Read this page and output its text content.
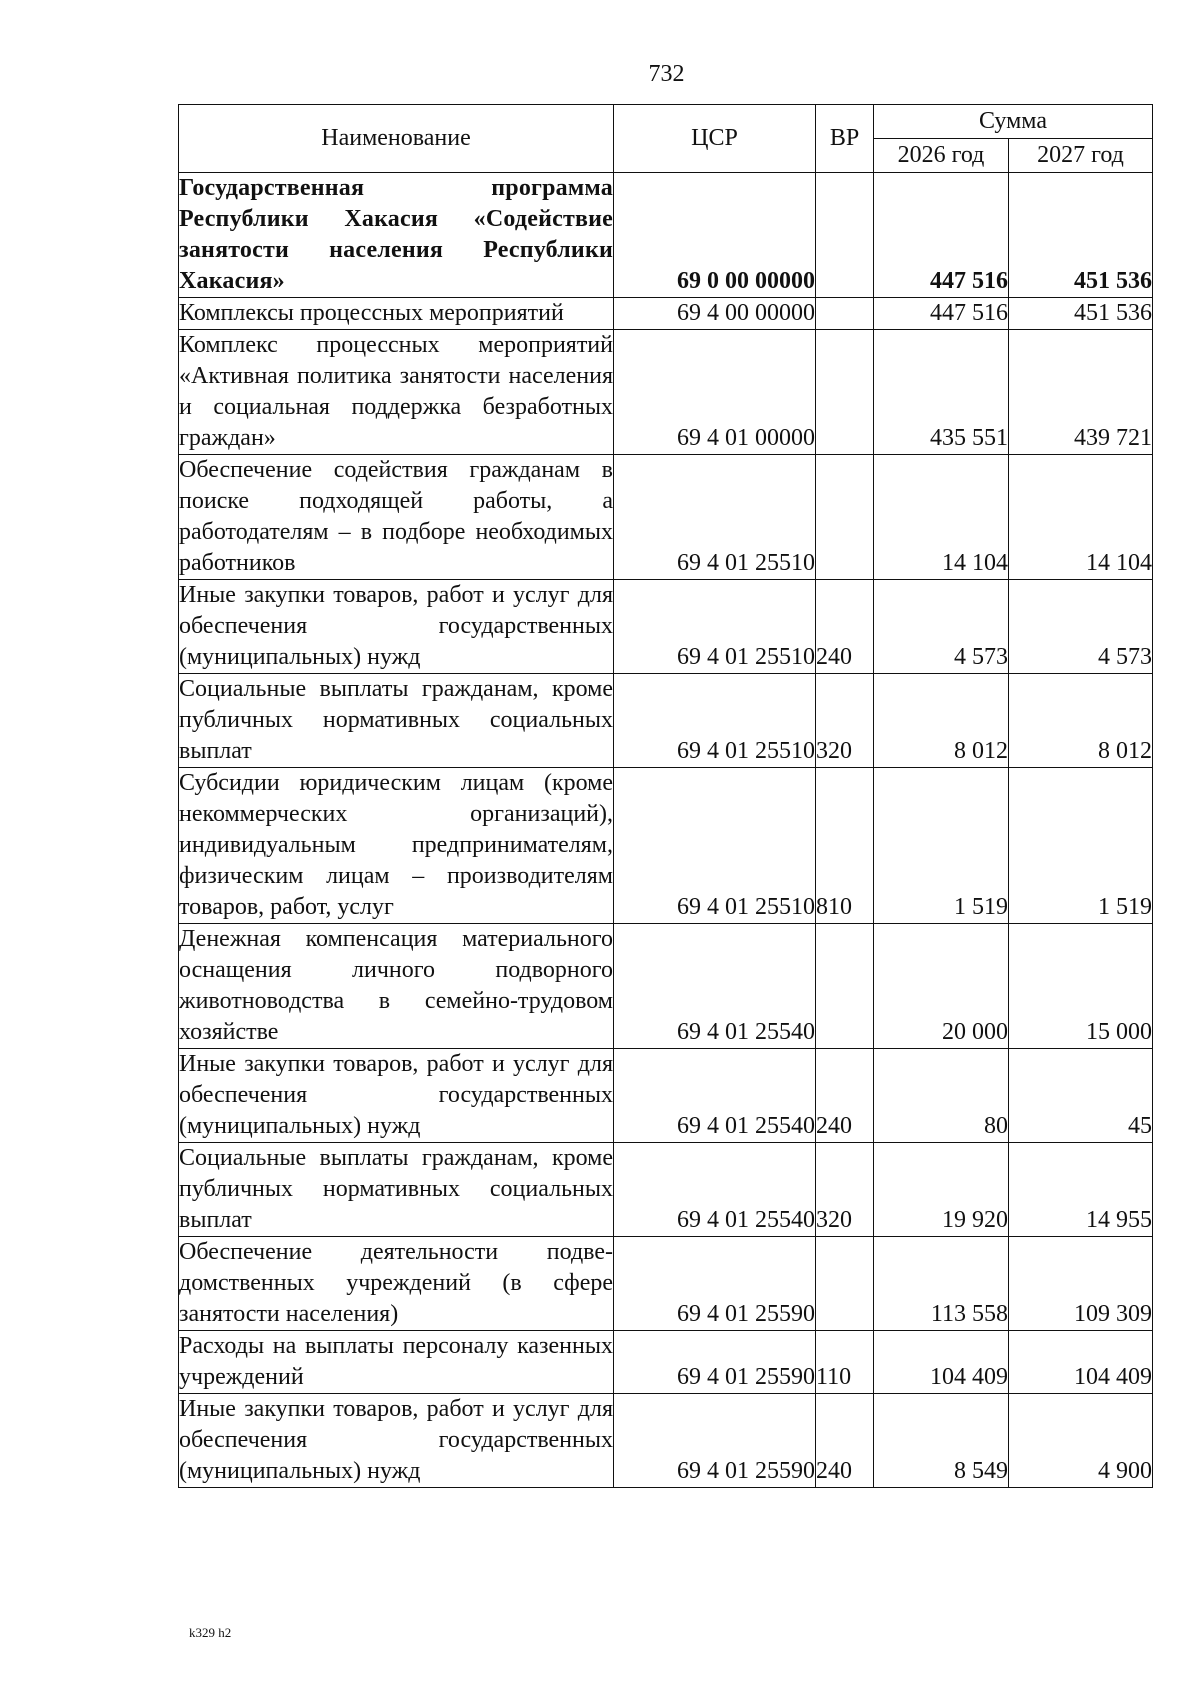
732
Наименование	ЦСР	ВР	Сумма	
			2026 год	2027 год
Государственная программа Республики Хакасия «Содействие занятости населения Республики Хакасия»	69 0 00 00000		447 516	451 536
Комплексы процессных мероприятий	69 4 00 00000		447 516	451 536
Комплекс процессных мероприятий «Активная политика занятости населения и социальная поддержка безработных граждан»	69 4 01 00000		435 551	439 721
Обеспечение содействия гражданам в поиске подходящей работы, а работодателям – в подборе необходимых работников	69 4 01 25510		14 104	14 104
Иные закупки товаров, работ и услуг для обеспечения государственных (муниципальных) нужд	69 4 01 25510	240	4 573	4 573
Социальные выплаты гражданам, кроме публичных нормативных социальных выплат	69 4 01 25510	320	8 012	8 012
Субсидии юридическим лицам (кроме некоммерческих организаций), индивидуальным предпринимателям, физическим лицам – производителям товаров, работ, услуг	69 4 01 25510	810	1 519	1 519
Денежная компенсация материального оснащения личного подворного животноводства в семейно-трудовом хозяйстве	69 4 01 25540		20 000	15 000
Иные закупки товаров, работ и услуг для обеспечения государственных (муниципальных) нужд	69 4 01 25540	240	80	45
Социальные выплаты гражданам, кроме публичных нормативных социальных выплат	69 4 01 25540	320	19 920	14 955
Обеспечение деятельности подведомственных учреждений (в сфере занятости населения)	69 4 01 25590		113 558	109 309
Расходы на выплаты персоналу казенных учреждений	69 4 01 25590	110	104 409	104 409
Иные закупки товаров, работ и услуг для обеспечения государственных (муниципальных) нужд	69 4 01 25590	240	8 549	4 900
k329 h2
